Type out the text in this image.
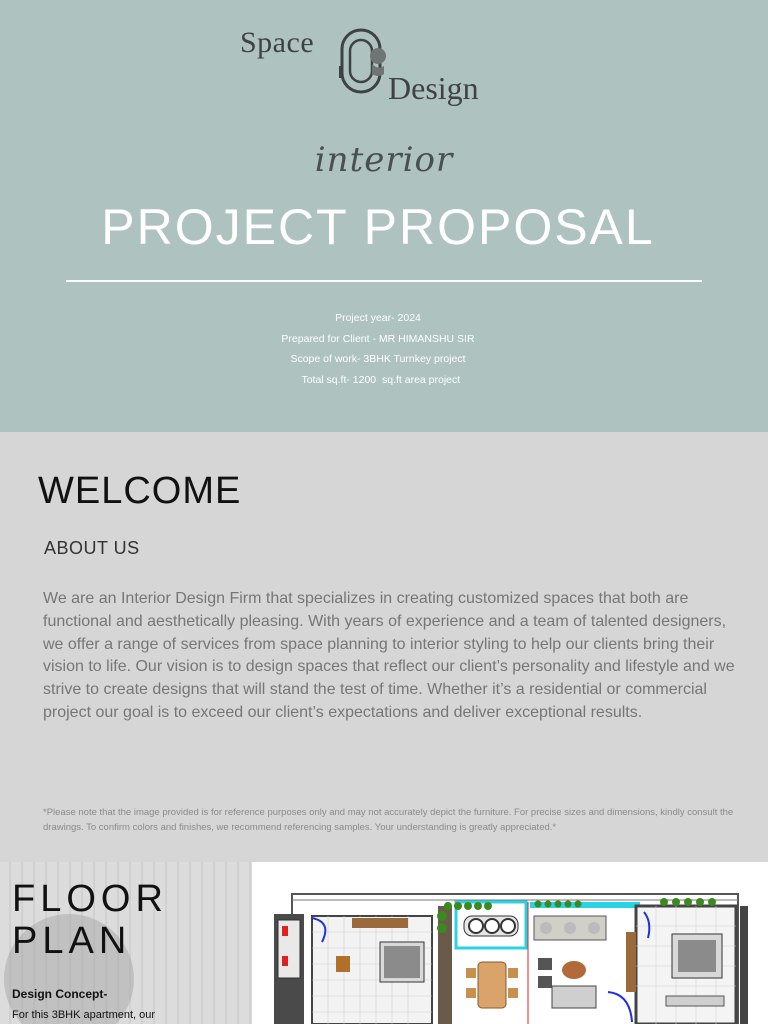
Space
Design
interior
PROJECT PROPOSAL
Project year- 2024
Prepared for Client - MR HIMANSHU SIR
Scope of work- 3BHK Turnkey project
Total sq.ft- 1200  sq.ft area project
WELCOME
ABOUT US

We are an Interior Design Firm that specializes in creating customized spaces that both are functional and aesthetically pleasing. With years of experience and a team of talented designers, we offer a range of services from space planning to interior styling to help our clients bring their vision to life. Our vision is to design spaces that reflect our client’s personality and lifestyle and we strive to create designs that will stand the test of time. Whether it’s a residential or commercial project our goal is to exceed our client’s expectations and deliver exceptional results.

*Please note that the image provided is for reference purposes only and may not accurately depict the furniture. For precise sizes and dimensions, kindly consult the drawings. To confirm colors and finishes, we recommend referencing samples. Your understanding is greatly appreciated.*

FLOOR
PLAN
Design Concept-
For this 3BHK apartment, our
